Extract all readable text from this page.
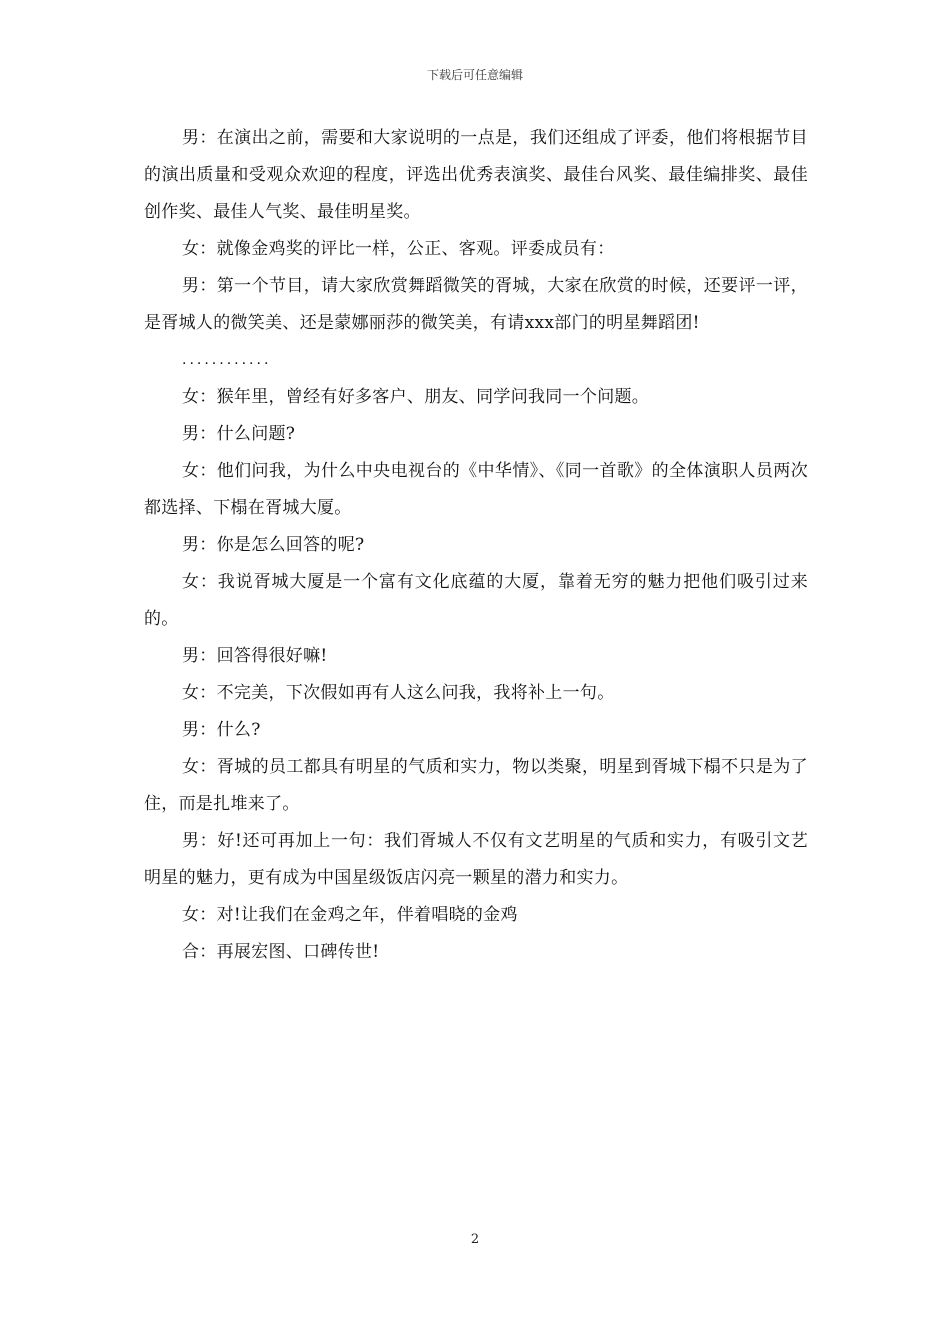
下载后可任意编辑

男：在演出之前，需要和大家说明的一点是，我们还组成了评委，他们将根据节目的演出质量和受观众欢迎的程度，评选出优秀表演奖、最佳台风奖、最佳编排奖、最佳创作奖、最佳人气奖、最佳明星奖。

女：就像金鸡奖的评比一样，公正、客观。评委成员有：

男：第一个节目，请大家欣赏舞蹈微笑的胥城，大家在欣赏的时候，还要评一评，是胥城人的微笑美、还是蒙娜丽莎的微笑美，有请xxx部门的明星舞蹈团!

............

女：猴年里，曾经有好多客户、朋友、同学问我同一个问题。

男：什么问题?

女：他们问我，为什么中央电视台的《中华情》、《同一首歌》的全体演职人员两次都选择、下榻在胥城大厦。

男：你是怎么回答的呢?

女：我说胥城大厦是一个富有文化底蕴的大厦，靠着无穷的魅力把他们吸引过来的。

男：回答得很好嘛!

女：不完美，下次假如再有人这么问我，我将补上一句。

男：什么?

女：胥城的员工都具有明星的气质和实力，物以类聚，明星到胥城下榻不只是为了住，而是扎堆来了。

男：好!还可再加上一句：我们胥城人不仅有文艺明星的气质和实力，有吸引文艺明星的魅力，更有成为中国星级饭店闪亮一颗星的潜力和实力。

女：对!让我们在金鸡之年，伴着唱晓的金鸡

合：再展宏图、口碑传世!

2
